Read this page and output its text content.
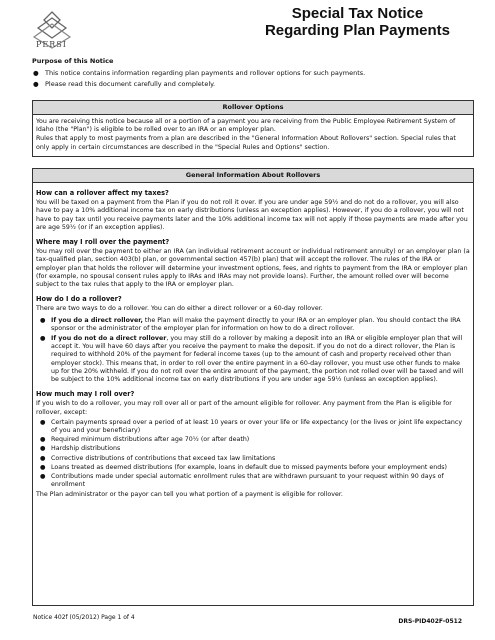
PERSI
Special Tax Notice
Regarding Plan Payments
Purpose of this Notice
● This notice contains information regarding plan payments and rollover options for such payments.
● Please read this document carefully and completely.
Rollover Options

You are receiving this notice because all or a portion of a payment you are receiving from the Public Employee Retirement System of Idaho (the "Plan") is eligible to be rolled over to an IRA or an employer plan.

Rules that apply to most payments from a plan are described in the "General Information About Rollovers" section. Special rules that only apply in certain circumstances are described in the "Special Rules and Options" section.

General Information About Rollovers
How can a rollover affect my taxes?

You will be taxed on a payment from the Plan if you do not roll it over. If you are under age 59½ and do not do a rollover, you will also have to pay a 10% additional income tax on early distributions (unless an exception applies). However, if you do a rollover, you will not have to pay tax until you receive payments later and the 10% additional income tax will not apply if those payments are made after you are age 59½ (or if an exception applies).

Where may I roll over the payment?

You may roll over the payment to either an IRA (an individual retirement account or individual retirement annuity) or an employer plan (a tax-qualified plan, section 403(b) plan, or governmental section 457(b) plan) that will accept the rollover. The rules of the IRA or employer plan that holds the rollover will determine your investment options, fees, and rights to payment from the IRA or employer plan (for example, no spousal consent rules apply to IRAs and IRAs may not provide loans). Further, the amount rolled over will become subject to the tax rules that apply to the IRA or employer plan.

How do I do a rollover?

There are two ways to do a rollover. You can do either a direct rollover or a 60-day rollover.

● If you do a direct rollover, the Plan will make the payment directly to your IRA or an employer plan. You should contact the IRA sponsor or the administrator of the employer plan for information on how to do a direct rollover.
● If you do not do a direct rollover, you may still do a rollover by making a deposit into an IRA or eligible employer plan that will accept it. You will have 60 days after you receive the payment to make the deposit. If you do not do a direct rollover, the Plan is required to withhold 20% of the payment for federal income taxes (up to the amount of cash and property received other than employer stock). This means that, in order to roll over the entire payment in a 60-day rollover, you must use other funds to make up for the 20% withheld. If you do not roll over the entire amount of the payment, the portion not rolled over will be taxed and will be subject to the 10% additional income tax on early distributions if you are under age 59½ (unless an exception applies).
How much may I roll over?

If you wish to do a rollover, you may roll over all or part of the amount eligible for rollover. Any payment from the Plan is eligible for rollover, except:

● Certain payments spread over a period of at least 10 years or over your life or life expectancy (or the lives or joint life expectancy of you and your beneficiary)
● Required minimum distributions after age 70½ (or after death)
● Hardship distributions
● Corrective distributions of contributions that exceed tax law limitations
● Loans treated as deemed distributions (for example, loans in default due to missed payments before your employment ends)
● Contributions made under special automatic enrollment rules that are withdrawn pursuant to your request within 90 days of enrollment

The Plan administrator or the payor can tell you what portion of a payment is eligible for rollover.

Notice 402f (05/2012) Page 1 of 4
DRS-PID402F-0512
